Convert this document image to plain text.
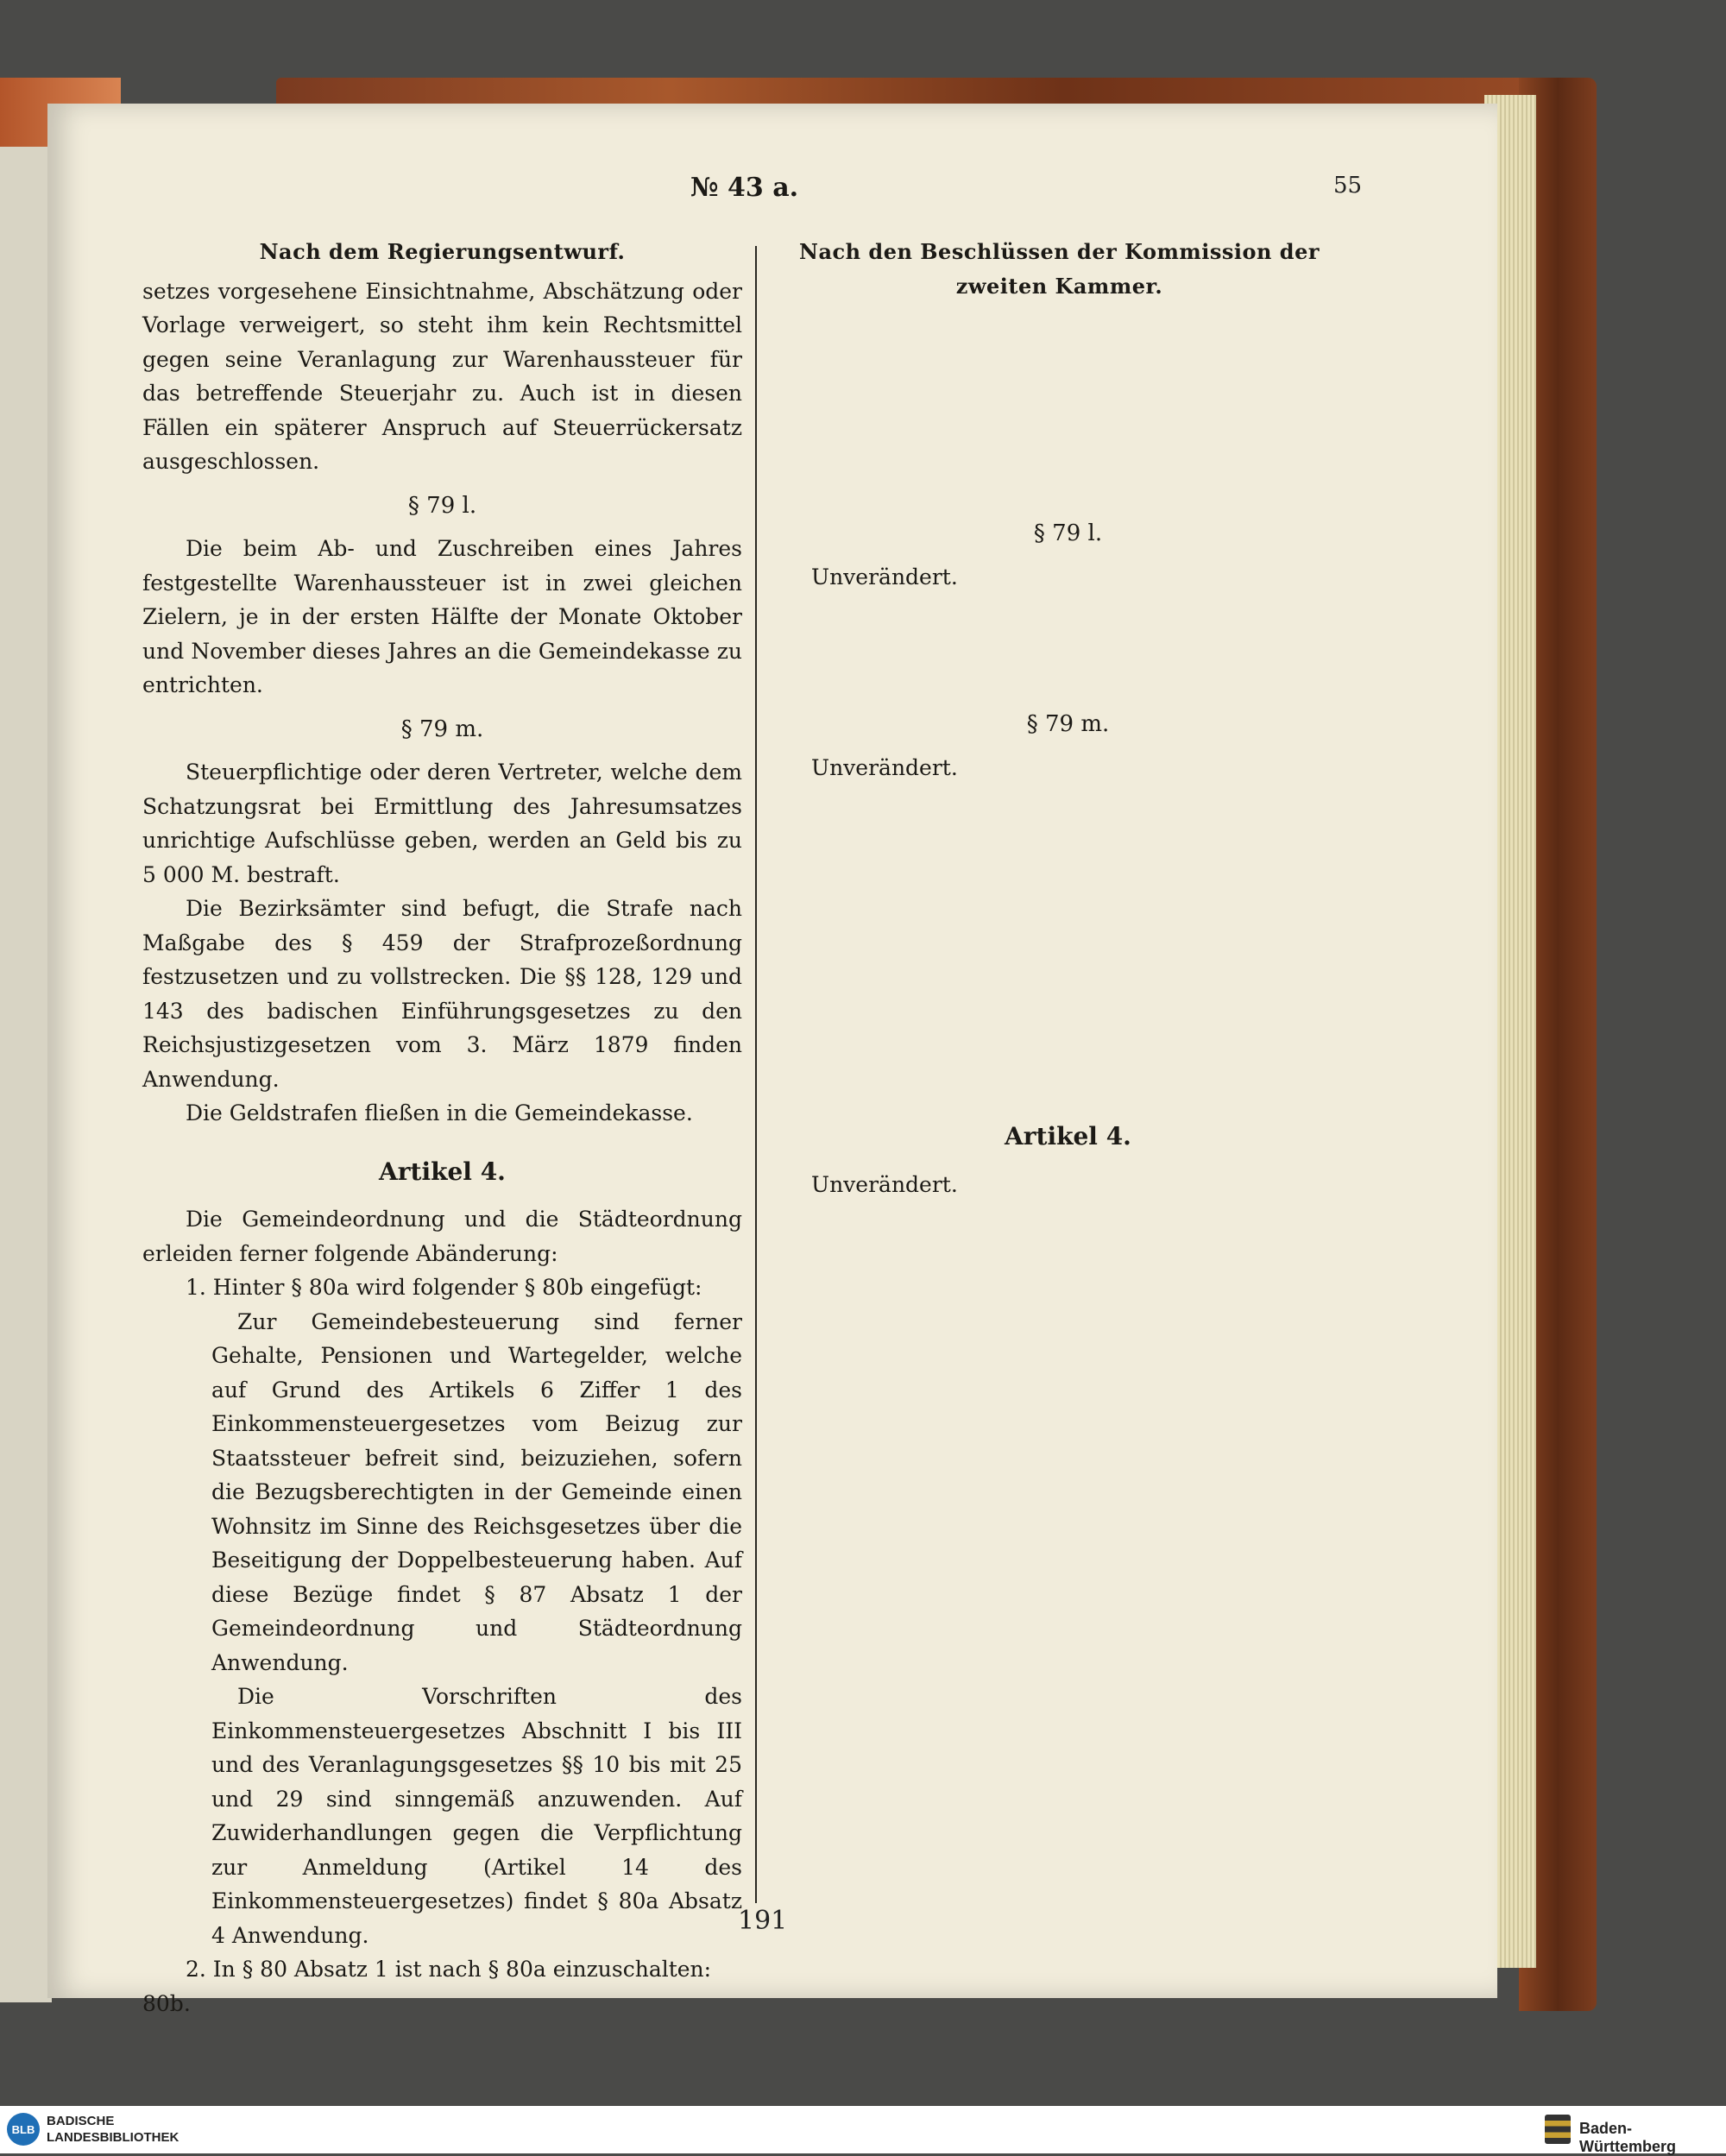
№ 43 a.	55
Nach dem Regierungsentwurf.

setzes vorgesehene Einsichtnahme, Abschätzung oder Vorlage verweigert, so steht ihm kein Rechtsmittel gegen seine Veranlagung zur Warenhaussteuer für das betreffende Steuerjahr zu. Auch ist in diesen Fällen ein späterer Anspruch auf Steuerrückersatz ausgeschlossen.

§ 79 l.

Die beim Ab- und Zuschreiben eines Jahres festgestellte Warenhaussteuer ist in zwei gleichen Zielern, je in der ersten Hälfte der Monate Oktober und November dieses Jahres an die Gemeindekasse zu entrichten.

§ 79 m.

Steuerpflichtige oder deren Vertreter, welche dem Schatzungsrat bei Ermittlung des Jahresumsatzes unrichtige Aufschlüsse geben, werden an Geld bis zu 5 000 M. bestraft.

Die Bezirksämter sind befugt, die Strafe nach Maßgabe des § 459 der Strafprozeßordnung festzusetzen und zu vollstrecken. Die §§ 128, 129 und 143 des badischen Einführungsgesetzes zu den Reichsjustizgesetzen vom 3. März 1879 finden Anwendung.

Die Geldstrafen fließen in die Gemeindekasse.

Artikel 4.

Die Gemeindeordnung und die Städteordnung erleiden ferner folgende Abänderung:

1. Hinter § 80a wird folgender § 80b eingefügt:

Zur Gemeindebesteuerung sind ferner Gehalte, Pensionen und Wartegelder, welche auf Grund des Artikels 6 Ziffer 1 des Einkommensteuergesetzes vom Beizug zur Staatssteuer befreit sind, beizuziehen, sofern die Bezugsberechtigten in der Gemeinde einen Wohnsitz im Sinne des Reichsgesetzes über die Beseitigung der Doppelbesteuerung haben. Auf diese Bezüge findet § 87 Absatz 1 der Gemeindeordnung und Städteordnung Anwendung.

Die Vorschriften des Einkommensteuergesetzes Abschnitt I bis III und des Veranlagungsgesetzes §§ 10 bis mit 25 und 29 sind sinngemäß anzuwenden. Auf Zuwiderhandlungen gegen die Verpflichtung zur Anmeldung (Artikel 14 des Einkommensteuergesetzes) findet § 80a Absatz 4 Anwendung.

2. In § 80 Absatz 1 ist nach § 80a einzuschalten:

80b.

Nach den Beschlüssen der Kommission der zweiten Kammer.
§ 79 l.

Unverändert.

§ 79 m.

Unverändert.

Artikel 4.

Unverändert.

191
BLB
BADISCHE
LANDESBIBLIOTHEK
Baden-Württemberg
